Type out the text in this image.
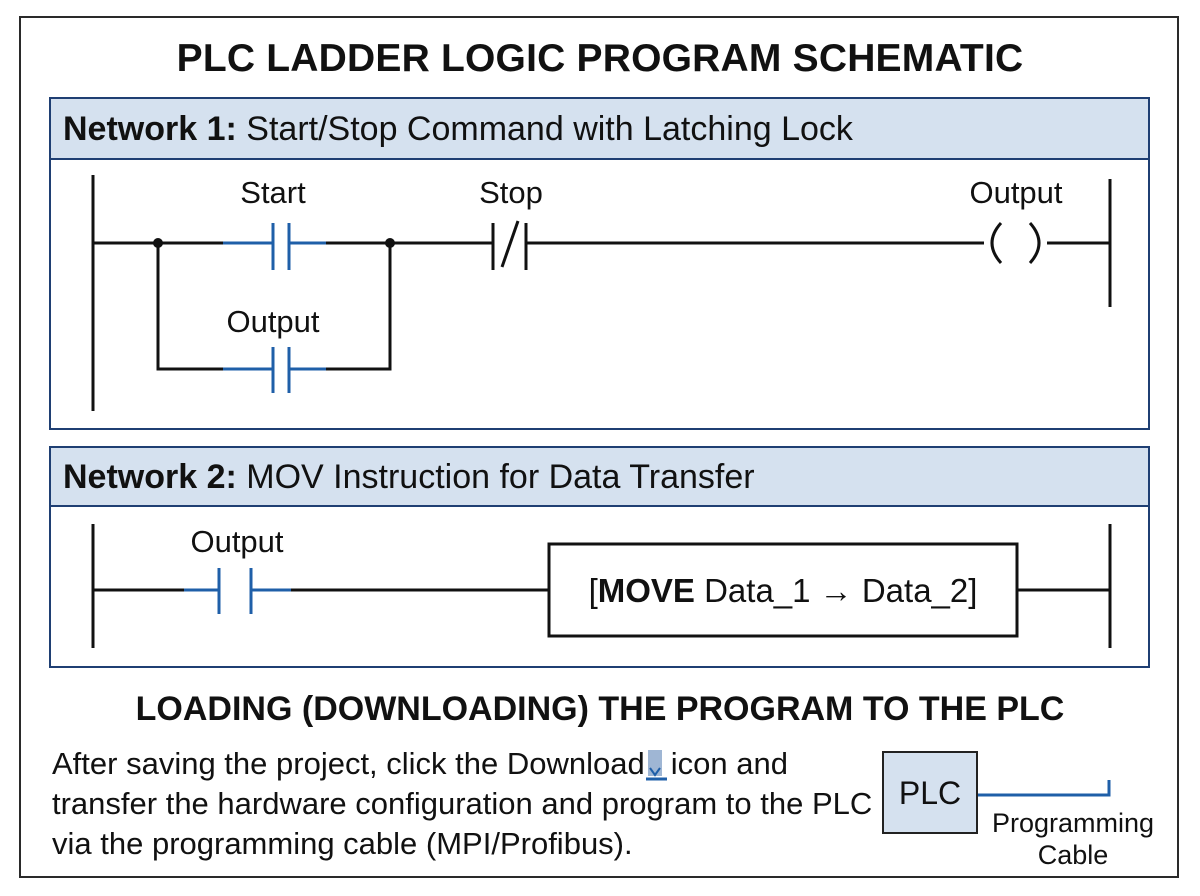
PLC LADDER LOGIC PROGRAM SCHEMATIC
Network 1: Start/Stop Command with Latching Lock
Start	Stop	Output
Output
Network 2: MOV Instruction for Data Transfer
Output
[MOVE Data_1 → Data_2]
LOADING (DOWNLOADING) THE PROGRAM TO THE PLC

After saving the project, click the Download icon and transfer the hardware configuration and program to the PLC via the programming cable (MPI/Profibus).

PLC
Programming
Cable
